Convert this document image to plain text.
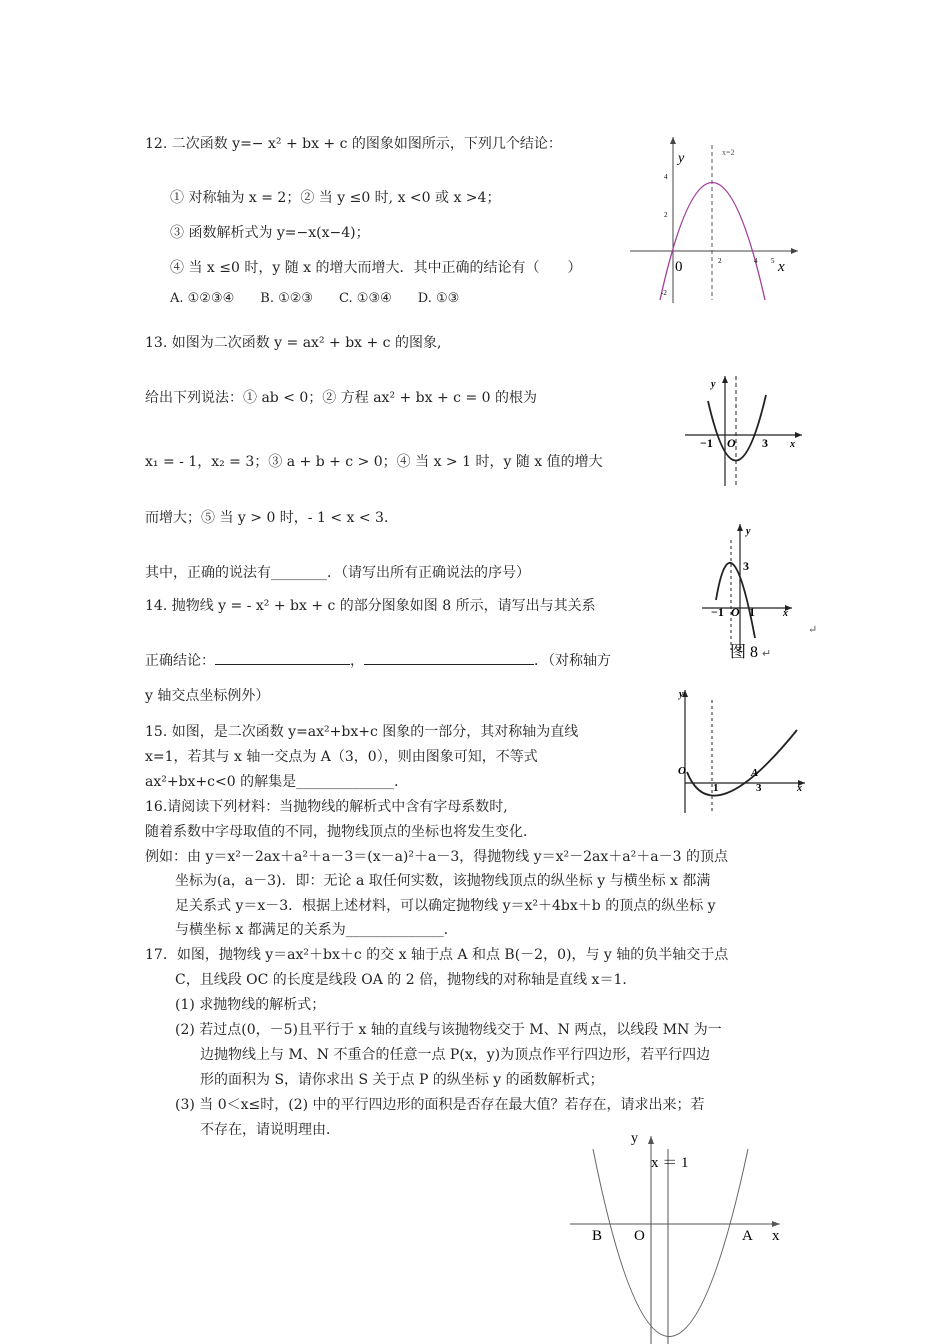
12. 二次函数 y=− x² + bx + c 的图象如图所示，下列几个结论：
① 对称轴为 x = 2；② 当 y ≤0 时, x <0 或 x >4；
③ 函数解析式为 y=−x(x−4)；
④ 当 x ≤0 时，y 随 x 的增大而增大．其中正确的结论有（　　）
A. ①②③④　　B. ①②③　　C. ①③④　　D. ①③
x=2
y
x
0
4
2
2	4 5
-2
13. 如图为二次函数 y = ax² + bx + c 的图象,
给出下列说法：① ab < 0；② 方程 ax² + bx + c = 0 的根为
x₁ = - 1，x₂ = 3；③ a + b + c > 0；④ 当 x > 1 时，y 随 x 值的增大
而增大；⑤ 当 y > 0 时，- 1 < x < 3．
其中，正确的说法有________．（请写出所有正确说法的序号）
y
x
−1 O 3
14. 抛物线 y = - x² + bx + c 的部分图象如图 8 所示，请写出与其关系
正确结论：	，	．（对称轴方
y 轴交点坐标例外）
y
x
3
−1 O 1
图 8 ↵
↵
15. 如图，是二次函数 y=ax²+bx+c 图象的一部分，其对称轴为直线
x=1，若其与 x 轴一交点为 A（3，0），则由图象可知，不等式
ax²+bx+c<0 的解集是______________．
y
x
O
1	3
A
16.请阅读下列材料：当抛物线的解析式中含有字母系数时,
随着系数中字母取值的不同，抛物线顶点的坐标也将发生变化．
例如：由 y＝x²－2ax＋a²＋a－3＝(x－a)²＋a－3，得抛物线 y＝x²－2ax＋a²＋a－3 的顶点
坐标为(a，a－3)．即：无论 a 取任何实数，该抛物线顶点的纵坐标 y 与横坐标 x 都满
足关系式 y＝x－3．根据上述材料，可以确定抛物线 y＝x²＋4bx＋b 的顶点的纵坐标 y
与横坐标 x 都满足的关系为______________．
17．如图，抛物线 y＝ax²＋bx＋c 的交 x 轴于点 A 和点 B(－2，0)，与 y 轴的负半轴交于点
C，且线段 OC 的长度是线段 OA 的 2 倍，抛物线的对称轴是直线 x＝1．
(1) 求抛物线的解析式；
(2) 若过点(0，－5)且平行于 x 轴的直线与该抛物线交于 M、N 两点，以线段 MN 为一
边抛物线上与 M、N 不重合的任意一点 P(x，y)为顶点作平行四边形，若平行四边
形的面积为 S，请你求出 S 关于点 P 的纵坐标 y 的函数解析式；
(3) 当 0＜x≤时，(2) 中的平行四边形的面积是否存在最大值？若存在，请求出来；若
不存在，请说明理由．
y
x ＝ 1
B O	A x
